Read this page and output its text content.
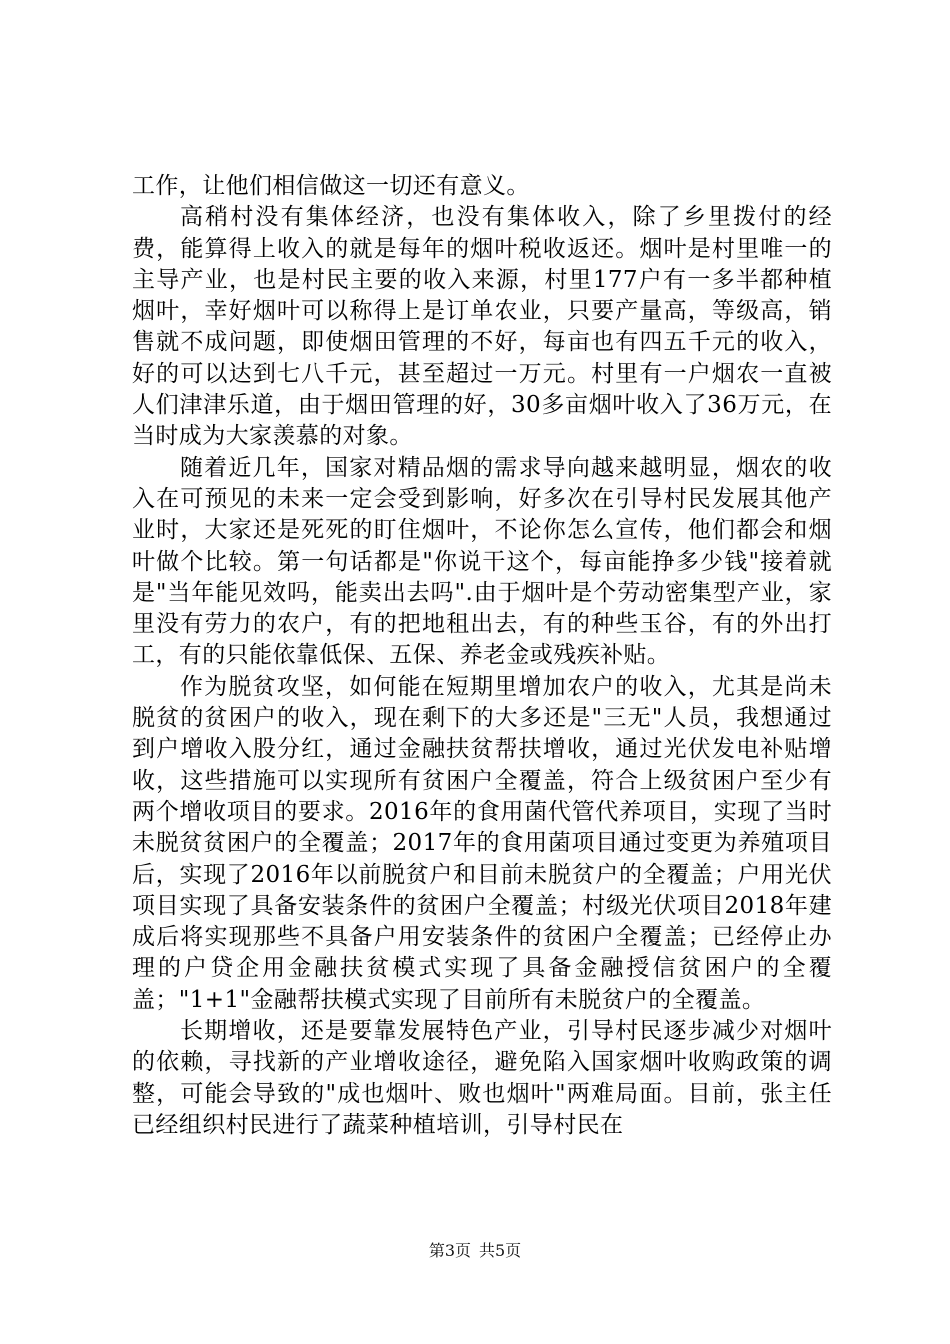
工作，让他们相信做这一切还有意义。

高稍村没有集体经济，也没有集体收入，除了乡里拨付的经费，能算得上收入的就是每年的烟叶税收返还。烟叶是村里唯一的主导产业，也是村民主要的收入来源，村里177户有一多半都种植烟叶，幸好烟叶可以称得上是订单农业，只要产量高，等级高，销售就不成问题，即使烟田管理的不好，每亩也有四五千元的收入，好的可以达到七八千元，甚至超过一万元。村里有一户烟农一直被人们津津乐道，由于烟田管理的好，30多亩烟叶收入了36万元，在当时成为大家羡慕的对象。

随着近几年，国家对精品烟的需求导向越来越明显，烟农的收入在可预见的未来一定会受到影响，好多次在引导村民发展其他产业时，大家还是死死的盯住烟叶，不论你怎么宣传，他们都会和烟叶做个比较。第一句话都是"你说干这个，每亩能挣多少钱"接着就是"当年能见效吗，能卖出去吗".由于烟叶是个劳动密集型产业，家里没有劳力的农户，有的把地租出去，有的种些玉谷，有的外出打工，有的只能依靠低保、五保、养老金或残疾补贴。

作为脱贫攻坚，如何能在短期里增加农户的收入，尤其是尚未脱贫的贫困户的收入，现在剩下的大多还是"三无"人员，我想通过到户增收入股分红，通过金融扶贫帮扶增收，通过光伏发电补贴增收，这些措施可以实现所有贫困户全覆盖，符合上级贫困户至少有两个增收项目的要求。2016年的食用菌代管代养项目，实现了当时未脱贫贫困户的全覆盖；2017年的食用菌项目通过变更为养殖项目后，实现了2016年以前脱贫户和目前未脱贫户的全覆盖；户用光伏项目实现了具备安装条件的贫困户全覆盖；村级光伏项目2018年建成后将实现那些不具备户用安装条件的贫困户全覆盖；已经停止办理的户贷企用金融扶贫模式实现了具备金融授信贫困户的全覆盖；"1+1"金融帮扶模式实现了目前所有未脱贫户的全覆盖。

长期增收，还是要靠发展特色产业，引导村民逐步减少对烟叶的依赖，寻找新的产业增收途径，避免陷入国家烟叶收购政策的调整，可能会导致的"成也烟叶、败也烟叶"两难局面。目前，张主任已经组织村民进行了蔬菜种植培训，引导村民在

第3页 共5页
